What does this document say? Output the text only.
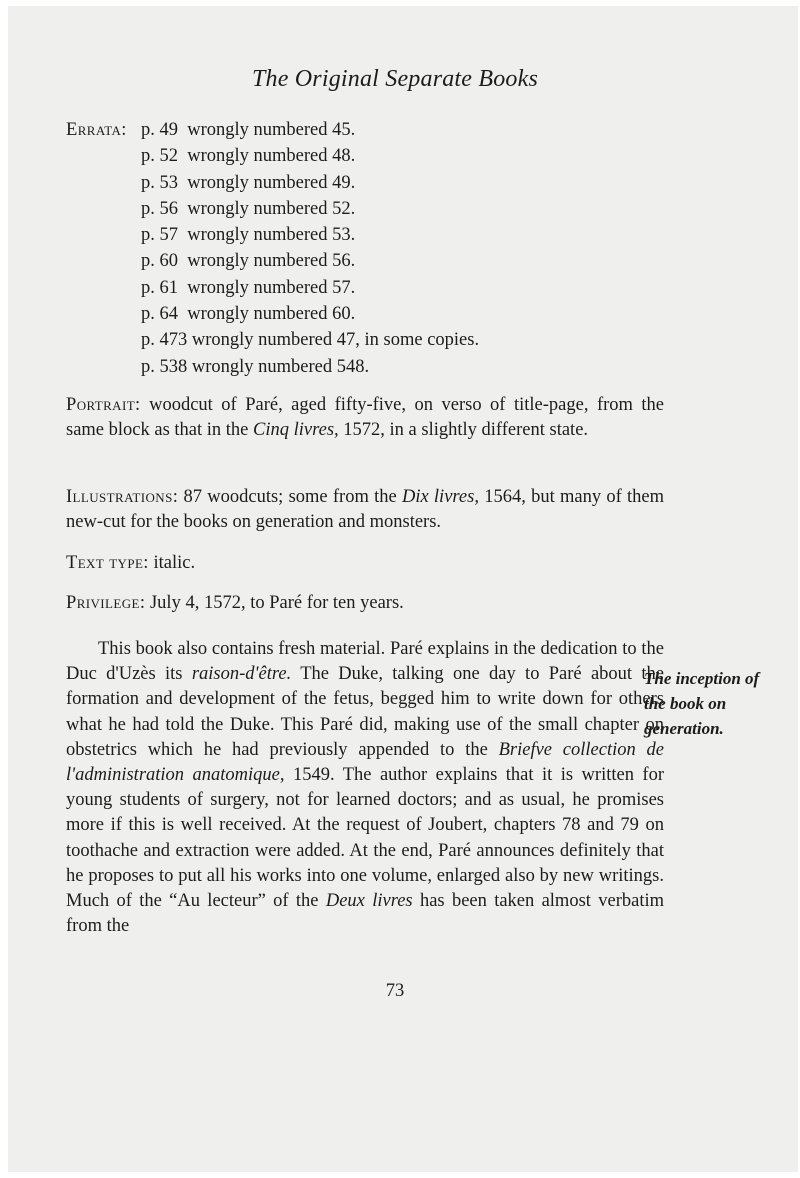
The Original Separate Books
Errata: p. 49 wrongly numbered 45.
p. 52 wrongly numbered 48.
p. 53 wrongly numbered 49.
p. 56 wrongly numbered 52.
p. 57 wrongly numbered 53.
p. 60 wrongly numbered 56.
p. 61 wrongly numbered 57.
p. 64 wrongly numbered 60.
p. 473 wrongly numbered 47, in some copies.
p. 538 wrongly numbered 548.

Portrait: woodcut of Paré, aged fifty-five, on verso of title-page, from the same block as that in the Cinq livres, 1572, in a slightly different state.

Illustrations: 87 woodcuts; some from the Dix livres, 1564, but many of them new-cut for the books on generation and monsters.

Text type: italic.

Privilege: July 4, 1572, to Paré for ten years.

This book also contains fresh material. Paré explains in the dedication to the Duc d'Uzès its raison-d'être. The Duke, talking one day to Paré about the formation and development of the fetus, begged him to write down for others what he had told the Duke. This Paré did, making use of the small chapter on obstetrics which he had previously appended to the Briefve collection de l'administration anatomique, 1549. The author explains that it is written for young students of surgery, not for learned doctors; and as usual, he promises more if this is well received. At the request of Joubert, chapters 78 and 79 on toothache and extraction were added. At the end, Paré announces definitely that he proposes to put all his works into one volume, enlarged also by new writings. Much of the “Au lecteur” of the Deux livres has been taken almost verbatim from the

The inception of
the book on
generation.
73
